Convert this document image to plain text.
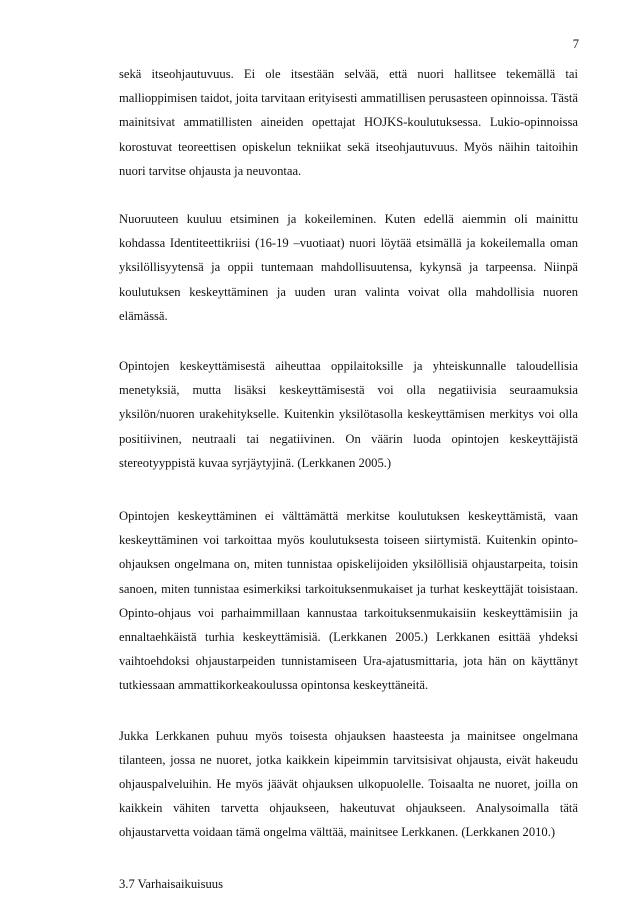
7

sekä itseohjautuvuus. Ei ole itsestään selvää, että nuori hallitsee tekemällä tai mallioppimisen taidot, joita tarvitaan erityisesti ammatillisen perusasteen opinnoissa. Tästä mainitsivat ammatillisten aineiden opettajat HOJKS-koulutuksessa. Lukio-opinnoissa korostuvat teoreettisen opiskelun tekniikat sekä itseohjautuvuus. Myös näihin taitoihin nuori tarvitse ohjausta ja neuvontaa.

Nuoruuteen kuuluu etsiminen ja kokeileminen. Kuten edellä aiemmin oli mainittu kohdassa Identiteettikriisi (16-19 –vuotiaat) nuori löytää etsimällä ja kokeilemalla oman yksilöllisyytensä ja oppii tuntemaan mahdollisuutensa, kykynsä ja tarpeensa. Niinpä koulutuksen keskeyttäminen ja uuden uran valinta voivat olla mahdollisia nuoren elämässä.

Opintojen keskeyttämisestä aiheuttaa oppilaitoksille ja yhteiskunnalle taloudellisia menetyksiä, mutta lisäksi keskeyttämisestä voi olla negatiivisia seuraamuksia yksilön/nuoren urakehitykselle. Kuitenkin yksilötasolla keskeyttämisen merkitys voi olla positiivinen, neutraali tai negatiivinen. On väärin luoda opintojen keskeyttäjistä stereotyyppistä kuvaa syrjäytyjinä. (Lerkkanen 2005.)

Opintojen keskeyttäminen ei välttämättä merkitse koulutuksen keskeyttämistä, vaan keskeyttäminen voi tarkoittaa myös koulutuksesta toiseen siirtymistä. Kuitenkin opinto-ohjauksen ongelmana on, miten tunnistaa opiskelijoiden yksilöllisiä ohjaustarpeita, toisin sanoen, miten tunnistaa esimerkiksi tarkoituksenmukaiset ja turhat keskeyttäjät toisistaan. Opinto-ohjaus voi parhaimmillaan kannustaa tarkoituksenmukaisiin keskeyttämisiin ja ennaltaehkäistä turhia keskeyttämisiä. (Lerkkanen 2005.) Lerkkanen esittää yhdeksi vaihtoehdoksi ohjaustarpeiden tunnistamiseen Ura-ajatusmittaria, jota hän on käyttänyt tutkiessaan ammattikorkeakoulussa opintonsa keskeyttäneitä.

Jukka Lerkkanen puhuu myös toisesta ohjauksen haasteesta ja mainitsee ongelmana tilanteen, jossa ne nuoret, jotka kaikkein kipeimmin tarvitsisivat ohjausta, eivät hakeudu ohjauspalveluihin. He myös jäävät ohjauksen ulkopuolelle. Toisaalta ne nuoret, joilla on kaikkein vähiten tarvetta ohjaukseen, hakeutuvat ohjaukseen. Analysoimalla tätä ohjaustarvetta voidaan tämä ongelma välttää, mainitsee Lerkkanen. (Lerkkanen 2010.)

3.7 Varhaisaikuisuus
